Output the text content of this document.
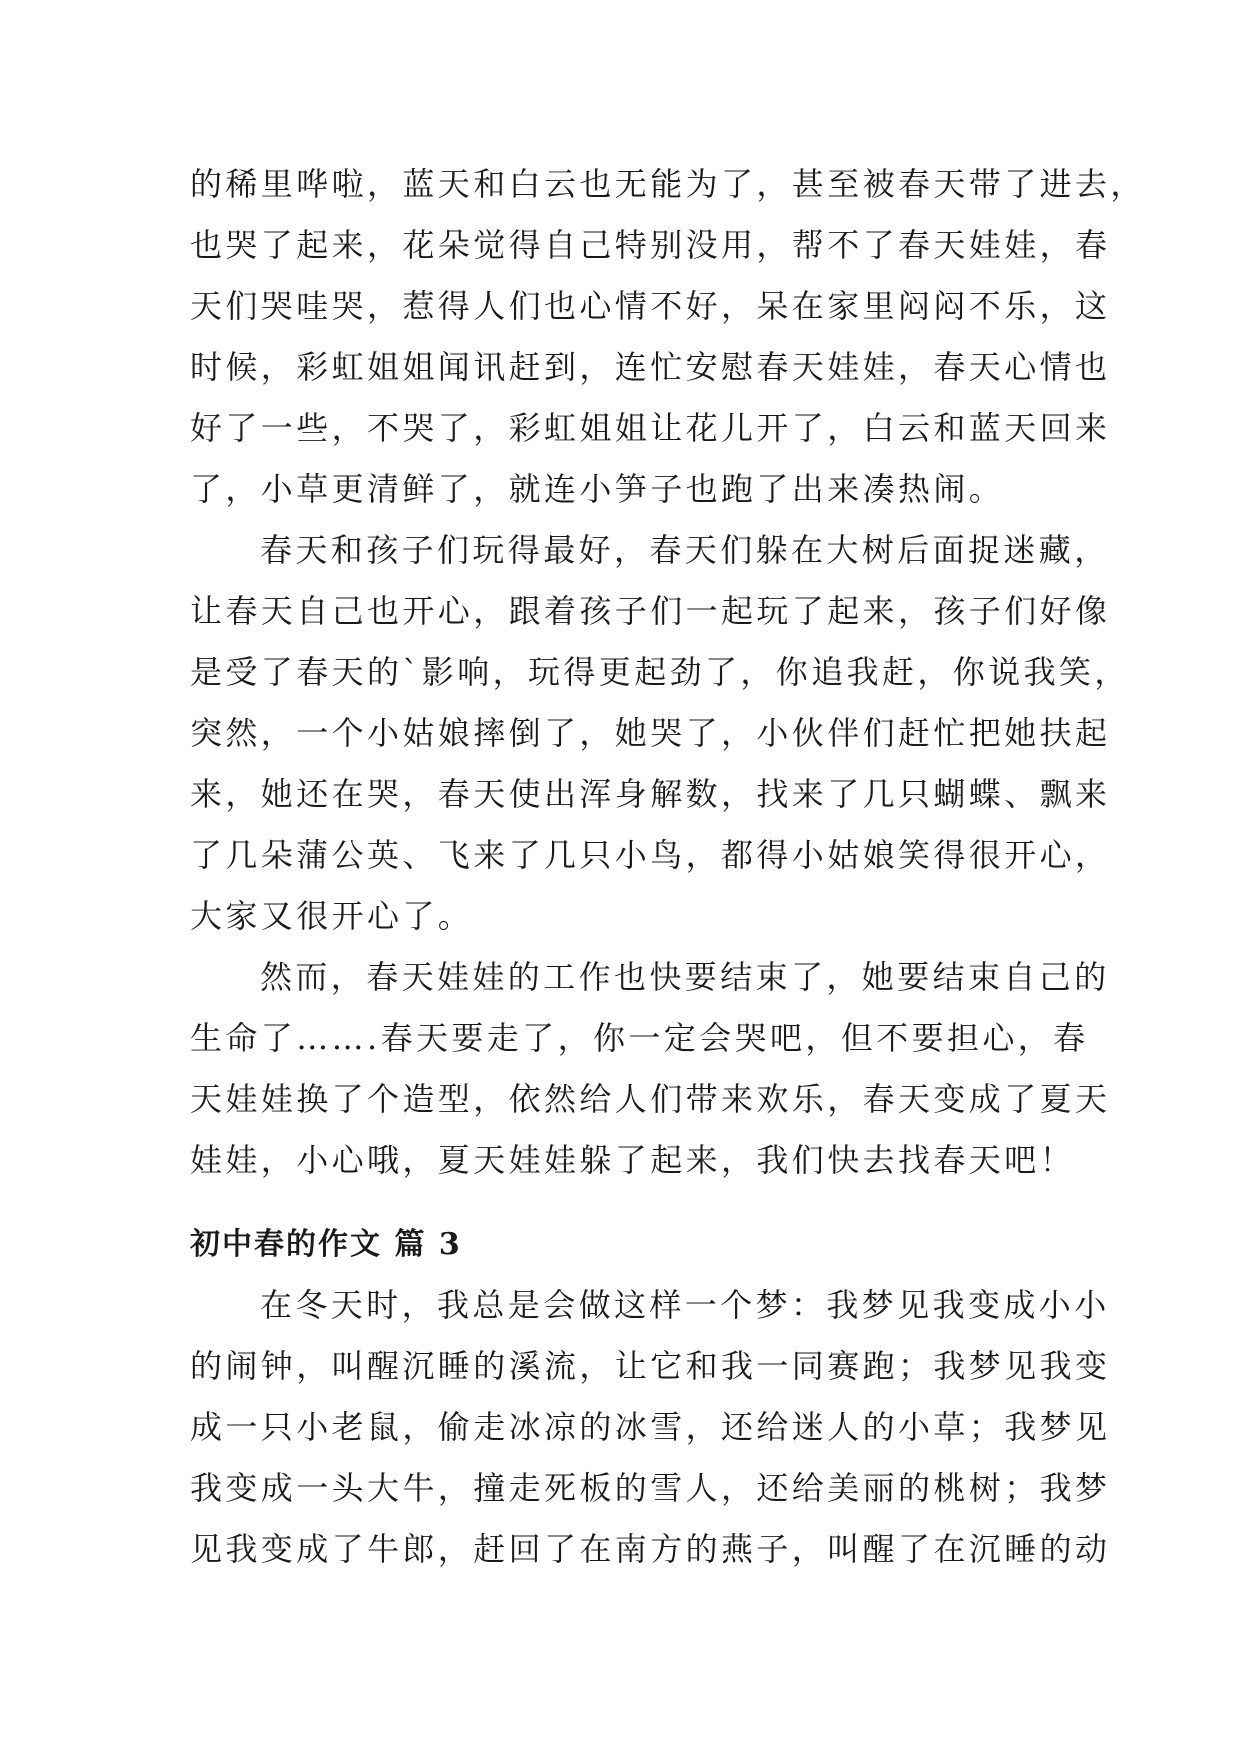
的稀里哗啦，蓝天和白云也无能为了，甚至被春天带了进去，
也哭了起来，花朵觉得自己特别没用，帮不了春天娃娃，春
天们哭哇哭，惹得人们也心情不好，呆在家里闷闷不乐，这
时候，彩虹姐姐闻讯赶到，连忙安慰春天娃娃，春天心情也
好了一些，不哭了，彩虹姐姐让花儿开了，白云和蓝天回来
了，小草更清鲜了，就连小笋子也跑了出来凑热闹。

春天和孩子们玩得最好，春天们躲在大树后面捉迷藏，
让春天自己也开心，跟着孩子们一起玩了起来，孩子们好像
是受了春天的`影响，玩得更起劲了，你追我赶，你说我笑，
突然，一个小姑娘摔倒了，她哭了，小伙伴们赶忙把她扶起
来，她还在哭，春天使出浑身解数，找来了几只蝴蝶、飘来
了几朵蒲公英、飞来了几只小鸟，都得小姑娘笑得很开心，
大家又很开心了。

然而，春天娃娃的工作也快要结束了，她要结束自己的
生命了…….春天要走了，你一定会哭吧，但不要担心，春
天娃娃换了个造型，依然给人们带来欢乐，春天变成了夏天
娃娃，小心哦，夏天娃娃躲了起来，我们快去找春天吧！

初中春的作文 篇 3

在冬天时，我总是会做这样一个梦：我梦见我变成小小
的闹钟，叫醒沉睡的溪流，让它和我一同赛跑；我梦见我变
成一只小老鼠，偷走冰凉的冰雪，还给迷人的小草；我梦见
我变成一头大牛，撞走死板的雪人，还给美丽的桃树；我梦
见我变成了牛郎，赶回了在南方的燕子，叫醒了在沉睡的动
